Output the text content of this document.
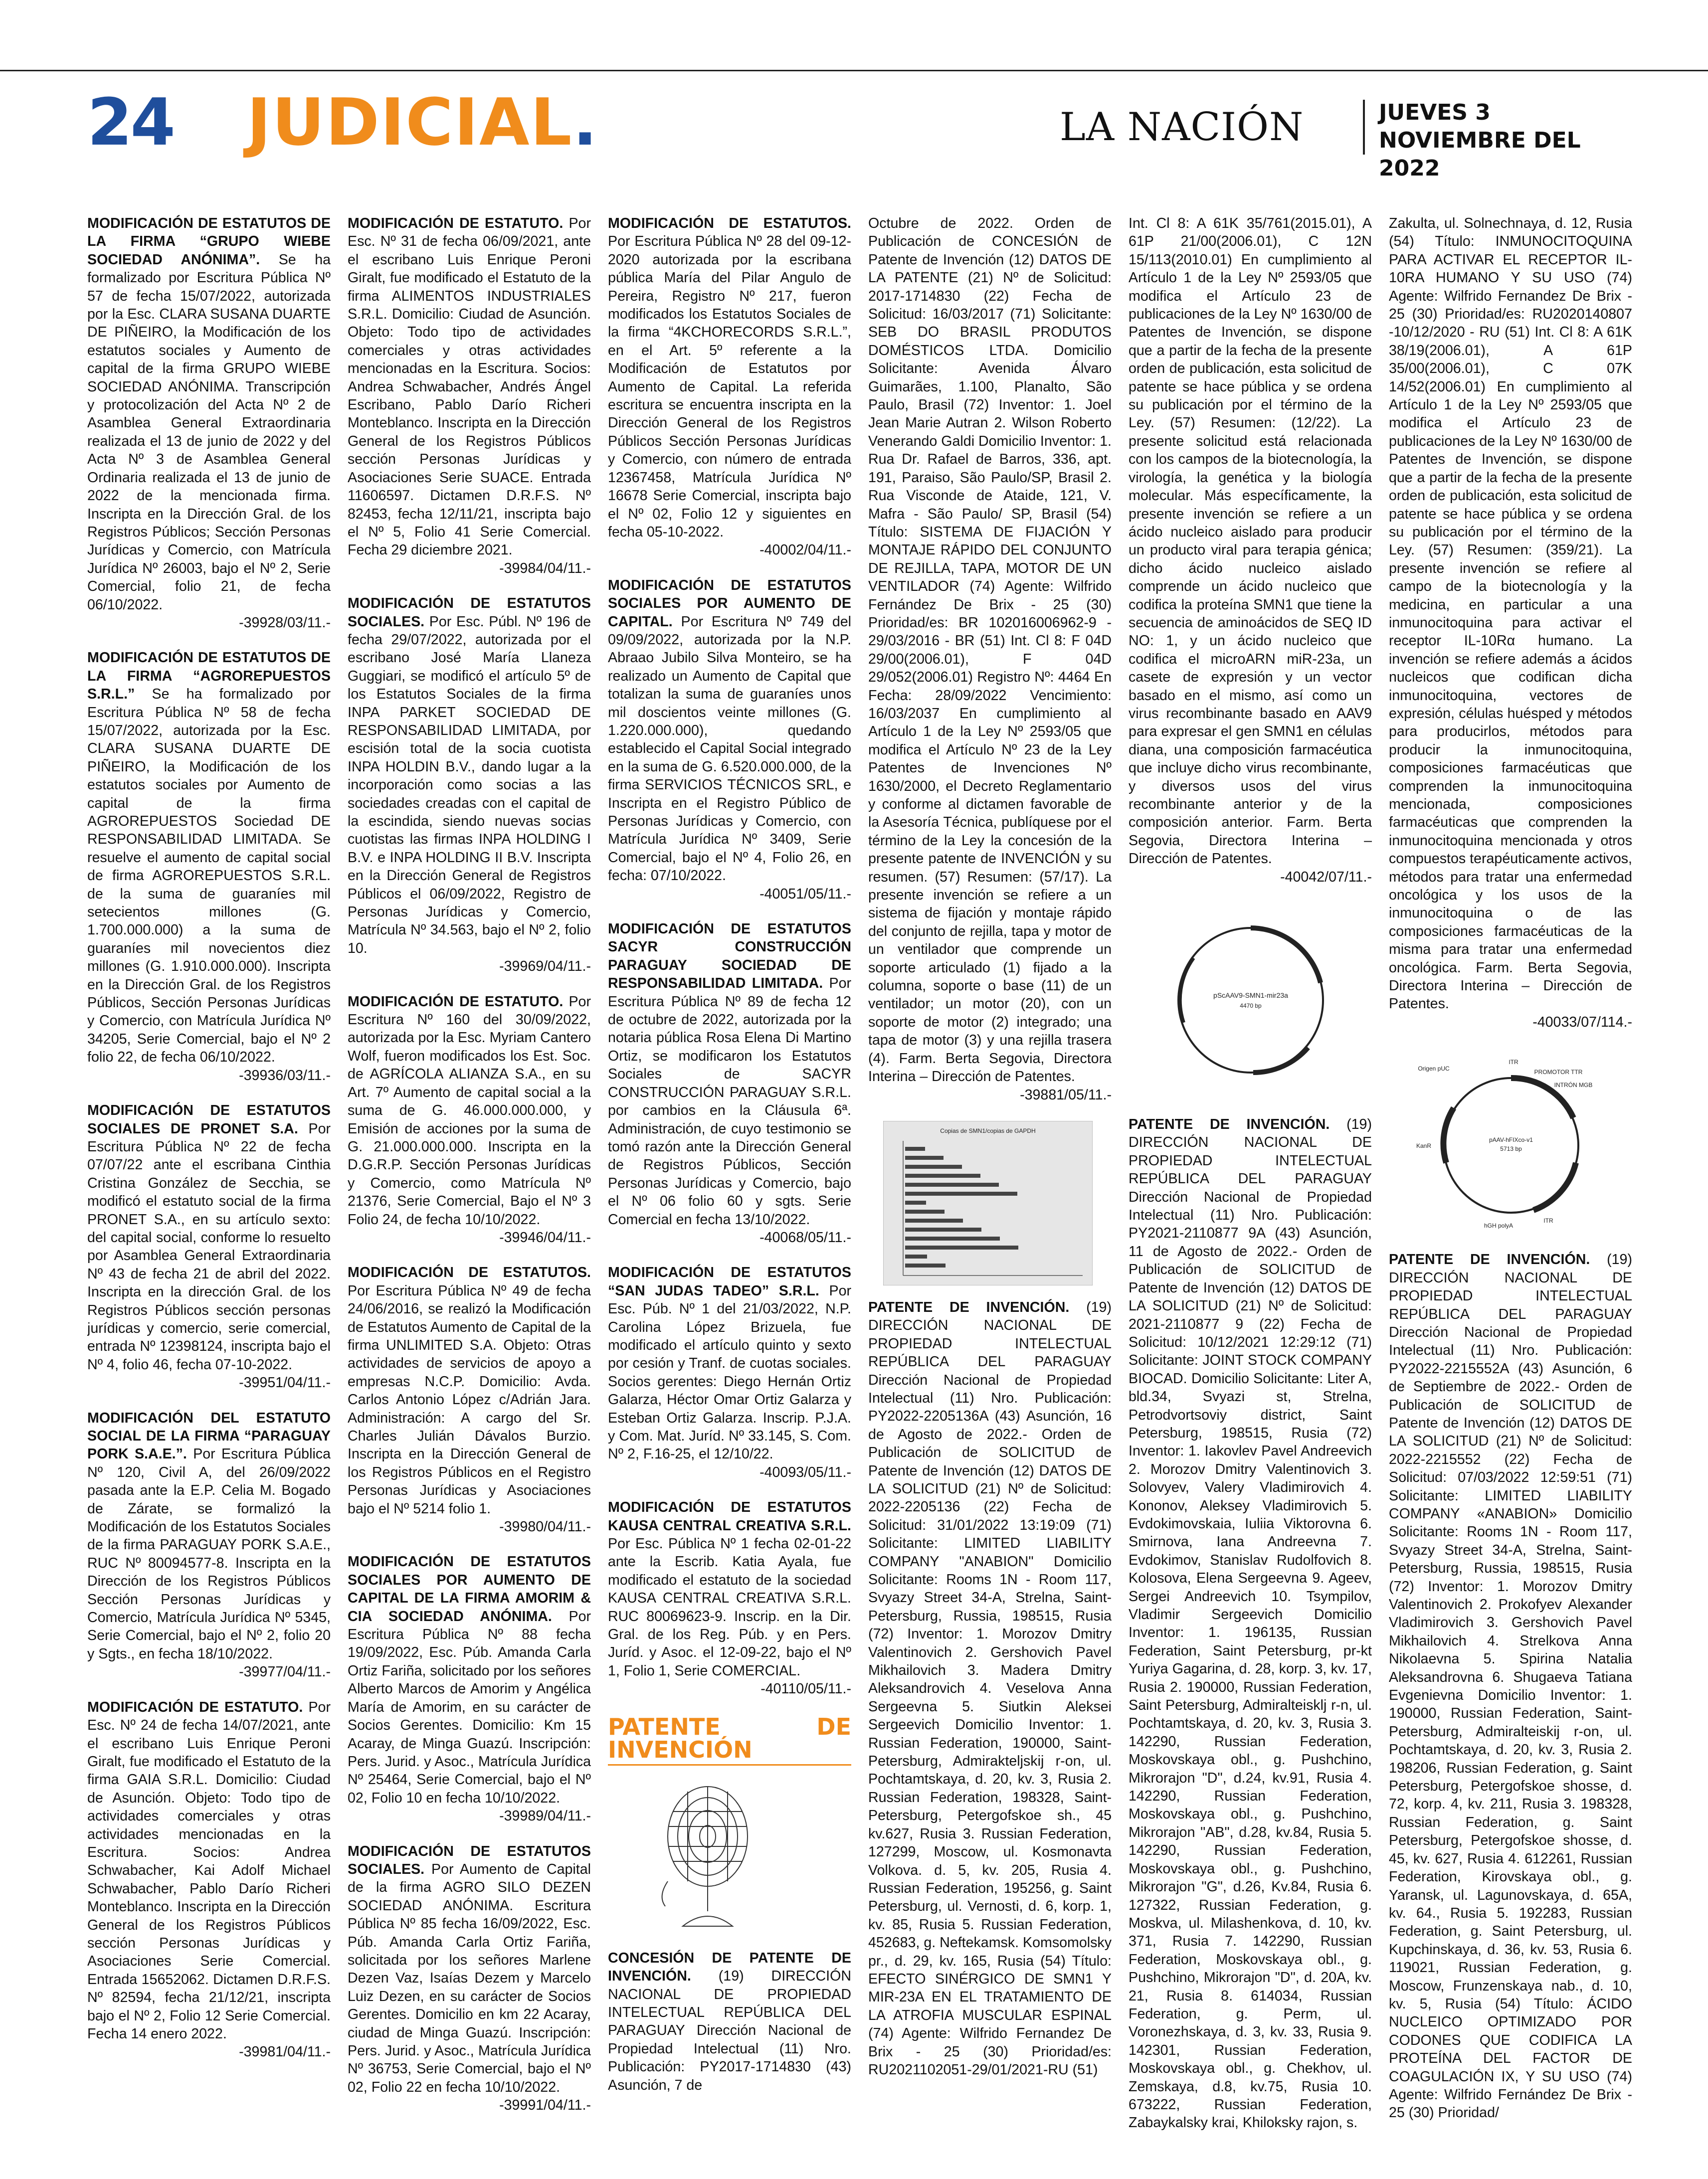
24 JUDICIAL.	LA NACIÓN	JUEVES 3
NOVIEMBRE DEL 2022

MODIFICACIÓN DE ESTATUTOS DE LA FIRMA “GRUPO WIEBE SOCIEDAD ANÓNIMA”. Se ha formalizado por Escritura Pública Nº 57 de fecha 15/07/2022, autorizada por la Esc. CLARA SUSANA DUARTE DE PIÑEIRO, la Modificación de los estatutos sociales y Aumento de capital de la firma GRUPO WIEBE SOCIEDAD ANÓNIMA. Transcripción y protocolización del Acta Nº 2 de Asamblea General Extraordinaria realizada el 13 de junio de 2022 y del Acta Nº 3 de Asamblea General Ordinaria realizada el 13 de junio de 2022 de la mencionada firma. Inscripta en la Dirección Gral. de los Registros Públicos; Sección Personas Jurídicas y Comercio, con Matrícula Jurídica Nº 26003, bajo el Nº 2, Serie Comercial, folio 21, de fecha 06/10/2022.
-39928/03/11.-

MODIFICACIÓN DE ESTATUTOS DE LA FIRMA “AGROREPUESTOS S.R.L.” Se ha formalizado por Escritura Pública Nº 58 de fecha 15/07/2022, autorizada por la Esc. CLARA SUSANA DUARTE DE PIÑEIRO, la Modificación de los estatutos sociales por Aumento de capital de la firma AGROREPUESTOS Sociedad DE RESPONSABILIDAD LIMITADA. Se resuelve el aumento de capital social de firma AGROREPUESTOS S.R.L. de la suma de guaraníes mil setecientos millones (G. 1.700.000.000) a la suma de guaraníes mil novecientos diez millones (G. 1.910.000.000). Inscripta en la Dirección Gral. de los Registros Públicos, Sección Personas Jurídicas y Comercio, con Matrícula Jurídica Nº 34205, Serie Comercial, bajo el Nº 2 folio 22, de fecha 06/10/2022.
-39936/03/11.-

MODIFICACIÓN DE ESTATUTOS SOCIALES DE PRONET S.A. Por Escritura Pública Nº 22 de fecha 07/07/22 ante el escribana Cinthia Cristina González de Secchia, se modificó el estatuto social de la firma PRONET S.A., en su artículo sexto: del capital social, conforme lo resuelto por Asamblea General Extraordinaria Nº 43 de fecha 21 de abril del 2022. Inscripta en la dirección Gral. de los Registros Públicos sección personas jurídicas y comercio, serie comercial, entrada Nº 12398124, inscripta bajo el Nº 4, folio 46, fecha 07-10-2022.
-39951/04/11.-

MODIFICACIÓN DEL ESTATUTO SOCIAL DE LA FIRMA “PARAGUAY PORK S.A.E.”. Por Escritura Pública Nº 120, Civil A, del 26/09/2022 pasada ante la E.P. Celia M. Bogado de Zárate, se formalizó la Modificación de los Estatutos Sociales de la firma PARAGUAY PORK S.A.E., RUC Nº 80094577-8. Inscripta en la Dirección de los Registros Públicos Sección Personas Jurídicas y Comercio, Matrícula Jurídica Nº 5345, Serie Comercial, bajo el Nº 2, folio 20 y Sgts., en fecha 18/10/2022.
-39977/04/11.-

MODIFICACIÓN DE ESTATUTO. Por Esc. Nº 24 de fecha 14/07/2021, ante el escribano Luis Enrique Peroni Giralt, fue modificado el Estatuto de la firma GAIA S.R.L. Domicilio: Ciudad de Asunción. Objeto: Todo tipo de actividades comerciales y otras actividades mencionadas en la Escritura. Socios: Andrea Schwabacher, Kai Adolf Michael Schwabacher, Pablo Darío Richeri Monteblanco. Inscripta en la Dirección General de los Registros Públicos sección Personas Jurídicas y Asociaciones Serie Comercial. Entrada 15652062. Dictamen D.R.F.S. Nº 82594, fecha 21/12/21, inscripta bajo el Nº 2, Folio 12 Serie Comercial. Fecha 14 enero 2022.
-39981/04/11.-

MODIFICACIÓN DE ESTATUTO. Por Esc. Nº 31 de fecha 06/09/2021, ante el escribano Luis Enrique Peroni Giralt, fue modificado el Estatuto de la firma ALIMENTOS INDUSTRIALES S.R.L. Domicilio: Ciudad de Asunción. Objeto: Todo tipo de actividades comerciales y otras actividades mencionadas en la Escritura. Socios: Andrea Schwabacher, Andrés Ángel Escribano, Pablo Darío Richeri Monteblanco. Inscripta en la Dirección General de los Registros Públicos sección Personas Jurídicas y Asociaciones Serie SUACE. Entrada 11606597. Dictamen D.R.F.S. Nº 82453, fecha 12/11/21, inscripta bajo el Nº 5, Folio 41 Serie Comercial. Fecha 29 diciembre 2021.
-39984/04/11.-

MODIFICACIÓN DE ESTATUTOS SOCIALES. Por Esc. Públ. Nº 196 de fecha 29/07/2022, autorizada por el escribano José María Llaneza Guggiari, se modificó el artículo 5º de los Estatutos Sociales de la firma INPA PARKET SOCIEDAD DE RESPONSABILIDAD LIMITADA, por escisión total de la socia cuotista INPA HOLDIN B.V., dando lugar a la incorporación como socias a las sociedades creadas con el capital de la escindida, siendo nuevas socias cuotistas las firmas INPA HOLDING I B.V. e INPA HOLDING II B.V. Inscripta en la Dirección General de Registros Públicos el 06/09/2022, Registro de Personas Jurídicas y Comercio, Matrícula Nº 34.563, bajo el Nº 2, folio 10.
-39969/04/11.-

MODIFICACIÓN DE ESTATUTO. Por Escritura Nº 160 del 30/09/2022, autorizada por la Esc. Myriam Cantero Wolf, fueron modificados los Est. Soc. de AGRÍCOLA ALIANZA S.A., en su Art. 7º Aumento de capital social a la suma de G. 46.000.000.000, y Emisión de acciones por la suma de G. 21.000.000.000. Inscripta en la D.G.R.P. Sección Personas Jurídicas y Comercio, como Matrícula Nº 21376, Serie Comercial, Bajo el Nº 3 Folio 24, de fecha 10/10/2022.
-39946/04/11.-

MODIFICACIÓN DE ESTATUTOS. Por Escritura Pública Nº 49 de fecha 24/06/2016, se realizó la Modificación de Estatutos Aumento de Capital de la firma UNLIMITED S.A. Objeto: Otras actividades de servicios de apoyo a empresas N.C.P. Domicilio: Avda. Carlos Antonio López c/Adrián Jara. Administración: A cargo del Sr. Charles Julián Dávalos Burzio. Inscripta en la Dirección General de los Registros Públicos en el Registro Personas Jurídicas y Asociaciones bajo el Nº 5214 folio 1.
-39980/04/11.-

MODIFICACIÓN DE ESTATUTOS SOCIALES POR AUMENTO DE CAPITAL DE LA FIRMA AMORIM & CIA SOCIEDAD ANÓNIMA. Por Escritura Pública Nº 88 fecha 19/09/2022, Esc. Púb. Amanda Carla Ortiz Fariña, solicitado por los señores Alberto Marcos de Amorim y Angélica María de Amorim, en su carácter de Socios Gerentes. Domicilio: Km 15 Acaray, de Minga Guazú. Inscripción: Pers. Jurid. y Asoc., Matrícula Jurídica Nº 25464, Serie Comercial, bajo el Nº 02, Folio 10 en fecha 10/10/2022.
-39989/04/11.-

MODIFICACIÓN DE ESTATUTOS SOCIALES. Por Aumento de Capital de la firma AGRO SILO DEZEN SOCIEDAD ANÓNIMA. Escritura Pública Nº 85 fecha 16/09/2022, Esc. Púb. Amanda Carla Ortiz Fariña, solicitada por los señores Marlene Dezen Vaz, Isaías Dezem y Marcelo Luiz Dezen, en su carácter de Socios Gerentes. Domicilio en km 22 Acaray, ciudad de Minga Guazú. Inscripción: Pers. Jurid. y Asoc., Matrícula Jurídica Nº 36753, Serie Comercial, bajo el Nº 02, Folio 22 en fecha 10/10/2022.
-39991/04/11.-

MODIFICACIÓN DE ESTATUTOS. Por Escritura Pública Nº 28 del 09-12-2020 autorizada por la escribana pública María del Pilar Angulo de Pereira, Registro Nº 217, fueron modificados los Estatutos Sociales de la firma “4KCHORECORDS S.R.L.”, en el Art. 5º referente a la Modificación de Estatutos por Aumento de Capital. La referida escritura se encuentra inscripta en la Dirección General de los Registros Públicos Sección Personas Jurídicas y Comercio, con número de entrada 12367458, Matrícula Jurídica Nº 16678 Serie Comercial, inscripta bajo el Nº 02, Folio 12 y siguientes en fecha 05-10-2022.
-40002/04/11.-

MODIFICACIÓN DE ESTATUTOS SOCIALES POR AUMENTO DE CAPITAL. Por Escritura Nº 749 del 09/09/2022, autorizada por la N.P. Abraao Jubilo Silva Monteiro, se ha realizado un Aumento de Capital que totalizan la suma de guaraníes unos mil doscientos veinte millones (G. 1.220.000.000), quedando establecido el Capital Social integrado en la suma de G. 6.520.000.000, de la firma SERVICIOS TÉCNICOS SRL, e Inscripta en el Registro Público de Personas Jurídicas y Comercio, con Matrícula Jurídica Nº 3409, Serie Comercial, bajo el Nº 4, Folio 26, en fecha: 07/10/2022.
-40051/05/11.-

MODIFICACIÓN DE ESTATUTOS SACYR CONSTRUCCIÓN PARAGUAY SOCIEDAD DE RESPONSABILIDAD LIMITADA. Por Escritura Pública Nº 89 de fecha 12 de octubre de 2022, autorizada por la notaria pública Rosa Elena Di Martino Ortiz, se modificaron los Estatutos Sociales de SACYR CONSTRUCCIÓN PARAGUAY S.R.L. por cambios en la Cláusula 6ª. Administración, de cuyo testimonio se tomó razón ante la Dirección General de Registros Públicos, Sección Personas Jurídicas y Comercio, bajo el Nº 06 folio 60 y sgts. Serie Comercial en fecha 13/10/2022.
-40068/05/11.-

MODIFICACIÓN DE ESTATUTOS “SAN JUDAS TADEO” S.R.L. Por Esc. Púb. Nº 1 del 21/03/2022, N.P. Carolina López Brizuela, fue modificado el artículo quinto y sexto por cesión y Tranf. de cuotas sociales. Socios gerentes: Diego Hernán Ortiz Galarza, Héctor Omar Ortiz Galarza y Esteban Ortiz Galarza. Inscrip. P.J.A. y Com. Mat. Juríd. Nº 33.145, S. Com. Nº 2, F.16-25, el 12/10/22.
-40093/05/11.-

MODIFICACIÓN DE ESTATUTOS KAUSA CENTRAL CREATIVA S.R.L. Por Esc. Pública Nº 1 fecha 02-01-22 ante la Escrib. Katia Ayala, fue modificado el estatuto de la sociedad KAUSA CENTRAL CREATIVA S.R.L. RUC 80069623-9. Inscrip. en la Dir. Gral. de los Reg. Púb. y en Pers. Juríd. y Asoc. el 12-09-22, bajo el Nº 1, Folio 1, Serie COMERCIAL.
-40110/05/11.-

PATENTE DE INVENCIÓN

CONCESIÓN DE PATENTE DE INVENCIÓN. (19) DIRECCIÓN NACIONAL DE PROPIEDAD INTELECTUAL REPÚBLICA DEL PARAGUAY Dirección Nacional de Propiedad Intelectual (11) Nro. Publicación: PY2017-1714830 (43) Asunción, 7 de

Octubre de 2022. Orden de Publicación de CONCESIÓN de Patente de Invención (12) DATOS DE LA PATENTE (21) Nº de Solicitud: 2017-1714830 (22) Fecha de Solicitud: 16/03/2017 (71) Solicitante: SEB DO BRASIL PRODUTOS DOMÉSTICOS LTDA. Domicilio Solicitante: Avenida Álvaro Guimarães, 1.100, Planalto, São Paulo, Brasil (72) Inventor: 1. Joel Jean Marie Autran 2. Wilson Roberto Venerando Galdi Domicilio Inventor: 1. Rua Dr. Rafael de Barros, 336, apt. 191, Paraiso, São Paulo/SP, Brasil 2. Rua Visconde de Ataide, 121, V. Mafra - São Paulo/ SP, Brasil (54) Título: SISTEMA DE FIJACIÓN Y MONTAJE RÁPIDO DEL CONJUNTO DE REJILLA, TAPA, MOTOR DE UN VENTILADOR (74) Agente: Wilfrido Fernández De Brix - 25 (30) Prioridad/es: BR 102016006962-9 - 29/03/2016 - BR (51) Int. Cl 8: F 04D 29/00(2006.01), F 04D 29/052(2006.01) Registro Nº: 4464 En Fecha: 28/09/2022 Vencimiento: 16/03/2037 En cumplimiento al Artículo 1 de la Ley Nº 2593/05 que modifica el Artículo Nº 23 de la Ley Patentes de Invenciones Nº 1630/2000, el Decreto Reglamentario y conforme al dictamen favorable de la Asesoría Técnica, publíquese por el término de la Ley la concesión de la presente patente de INVENCIÓN y su resumen. (57) Resumen: (57/17). La presente invención se refiere a un sistema de fijación y montaje rápido del conjunto de rejilla, tapa y motor de un ventilador que comprende un soporte articulado (1) fijado a la columna, soporte o base (11) de un ventilador; un motor (20), con un soporte de motor (2) integrado; una tapa de motor (3) y una rejilla trasera (4). Farm. Berta Segovia, Directora Interina – Dirección de Patentes.
-39881/05/11.-

Copias de SMN1/copias de GAPDH

PATENTE DE INVENCIÓN. (19) DIRECCIÓN NACIONAL DE PROPIEDAD INTELECTUAL REPÚBLICA DEL PARAGUAY Dirección Nacional de Propiedad Intelectual (11) Nro. Publicación: PY2022-2205136A (43) Asunción, 16 de Agosto de 2022.- Orden de Publicación de SOLICITUD de Patente de Invención (12) DATOS DE LA SOLICITUD (21) Nº de Solicitud: 2022-2205136 (22) Fecha de Solicitud: 31/01/2022 13:19:09 (71) Solicitante: LIMITED LIABILITY COMPANY "ANABION" Domicilio Solicitante: Rooms 1N - Room 117, Svyazy Street 34-A, Strelna, Saint-Petersburg, Russia, 198515, Rusia (72) Inventor: 1. Morozov Dmitry Valentinovich 2. Gershovich Pavel Mikhailovich 3. Madera Dmitry Aleksandrovich 4. Veselova Anna Sergeevna 5. Siutkin Aleksei Sergeevich Domicilio Inventor: 1. Russian Federation, 190000, Saint-Petersburg, Admirakteljskij r-on, ul. Pochtamtskaya, d. 20, kv. 3, Rusia 2. Russian Federation, 198328, Saint- Petersburg, Petergofskoe sh., 45 kv.627, Rusia 3. Russian Federation, 127299, Moscow, ul. Kosmonavta Volkova. d. 5, kv. 205, Rusia 4. Russian Federation, 195256, g. Saint Petersburg, ul. Vernosti, d. 6, korp. 1, kv. 85, Rusia 5. Russian Federation, 452683, g. Neftekamsk. Komsomolsky pr., d. 29, kv. 165, Rusia (54) Título: EFECTO SINÉRGICO DE SMN1 Y MIR-23A EN EL TRATAMIENTO DE LA ATROFIA MUSCULAR ESPINAL (74) Agente: Wilfrido Fernandez De Brix - 25 (30) Prioridad/es: RU2021102051-29/01/2021-RU (51)

Int. Cl 8: A 61K 35/761(2015.01), A 61P 21/00(2006.01), C 12N 15/113(2010.01) En cumplimiento al Artículo 1 de la Ley Nº 2593/05 que modifica el Artículo 23 de publicaciones de la Ley Nº 1630/00 de Patentes de Invención, se dispone que a partir de la fecha de la presente orden de publicación, esta solicitud de patente se hace pública y se ordena su publicación por el término de la Ley. (57) Resumen: (12/22). La presente solicitud está relacionada con los campos de la biotecnología, la virología, la genética y la biología molecular. Más específicamente, la presente invención se refiere a un ácido nucleico aislado para producir un producto viral para terapia génica; dicho ácido nucleico aislado comprende un ácido nucleico que codifica la proteína SMN1 que tiene la secuencia de aminoácidos de SEQ ID NO: 1, y un ácido nucleico que codifica el microARN miR-23a, un casete de expresión y un vector basado en el mismo, así como un virus recombinante basado en AAV9 para expresar el gen SMN1 en células diana, una composición farmacéutica que incluye dicho virus recombinante, y diversos usos del virus recombinante anterior y de la composición anterior. Farm. Berta Segovia, Directora Interina – Dirección de Patentes.
-40042/07/11.-

pScAAV9-SMN1-mir23a
4470 bp

PATENTE DE INVENCIÓN. (19) DIRECCIÓN NACIONAL DE PROPIEDAD INTELECTUAL REPÚBLICA DEL PARAGUAY Dirección Nacional de Propiedad Intelectual (11) Nro. Publicación: PY2021-2110877 9A (43) Asunción, 11 de Agosto de 2022.- Orden de Publicación de SOLICITUD de Patente de Invención (12) DATOS DE LA SOLICITUD (21) Nº de Solicitud: 2021-2110877 9 (22) Fecha de Solicitud: 10/12/2021 12:29:12 (71) Solicitante: JOINT STOCK COMPANY BIOCAD. Domicilio Solicitante: Liter A, bld.34, Svyazi st, Strelna, Petrodvortsoviy district, Saint Petersburg, 198515, Rusia (72) Inventor: 1. Iakovlev Pavel Andreevich 2. Morozov Dmitry Valentinovich 3. Solovyev, Valery Vladimirovich 4. Kononov, Aleksey Vladimirovich 5. Evdokimovskaia, Iuliia Viktorovna 6. Smirnova, Iana Andreevna 7. Evdokimov, Stanislav Rudolfovich 8. Kolosova, Elena Sergeevna 9. Ageev, Sergei Andreevich 10. Tsympilov, Vladimir Sergeevich Domicilio Inventor: 1. 196135, Russian Federation, Saint Petersburg, pr-kt Yuriya Gagarina, d. 28, korp. 3, kv. 17, Rusia 2. 190000, Russian Federation, Saint Petersburg, Admiralteisklj r-n, ul. Pochtamtskaya, d. 20, kv. 3, Rusia 3. 142290, Russian Federation, Moskovskaya obl., g. Pushchino, Mikrorajon "D", d.24, kv.91, Rusia 4. 142290, Russian Federation, Moskovskaya obl., g. Pushchino, Mikrorajon "AB", d.28, kv.84, Rusia 5. 142290, Russian Federation, Moskovskaya obl., g. Pushchino, Mikrorajon "G", d.26, Kv.84, Rusia 6. 127322, Russian Federation, g. Moskva, ul. Milashenkova, d. 10, kv. 371, Rusia 7. 142290, Russian Federation, Moskovskaya obl., g. Pushchino, Mikrorajon "D", d. 20A, kv. 21, Rusia 8. 614034, Russian Federation, g. Perm, ul. Voronezhskaya, d. 3, kv. 33, Rusia 9. 142301, Russian Federation, Moskovskaya obl., g. Chekhov, ul. Zemskaya, d.8, kv.75, Rusia 10. 673222, Russian Federation, Zabaykalsky krai, Khiloksky rajon, s.

Zakulta, ul. Solnechnaya, d. 12, Rusia (54) Título: INMUNOCITOQUINA PARA ACTIVAR EL RECEPTOR IL-10RA HUMANO Y SU USO (74) Agente: Wilfrido Fernandez De Brix - 25 (30) Prioridad/es: RU2020140807 -10/12/2020 - RU (51) Int. Cl 8: A 61K 38/19(2006.01), A 61P 35/00(2006.01), C 07K 14/52(2006.01) En cumplimiento al Artículo 1 de la Ley Nº 2593/05 que modifica el Artículo 23 de publicaciones de la Ley Nº 1630/00 de Patentes de Invención, se dispone que a partir de la fecha de la presente orden de publicación, esta solicitud de patente se hace pública y se ordena su publicación por el término de la Ley. (57) Resumen: (359/21). La presente invención se refiere al campo de la biotecnología y la medicina, en particular a una inmunocitoquina para activar el receptor IL-10Rα humano. La invención se refiere además a ácidos nucleicos que codifican dicha inmunocitoquina, vectores de expresión, células huésped y métodos para producirlos, métodos para producir la inmunocitoquina, composiciones farmacéuticas que comprenden la inmunocitoquina mencionada, composiciones farmacéuticas que comprenden la inmunocitoquina mencionada y otros compuestos terapéuticamente activos, métodos para tratar una enfermedad oncológica y los usos de la inmunocitoquina o de las composiciones farmacéuticas de la misma para tratar una enfermedad oncológica. Farm. Berta Segovia, Directora Interina – Dirección de Patentes.
-40033/07/114.-

Origen pUC
ITR
PROMOTOR TTR
INTRÓN MGB
pAAV-hFIXco-v1
5713 bp
ITR
hGH polyA
KanR

PATENTE DE INVENCIÓN. (19) DIRECCIÓN NACIONAL DE PROPIEDAD INTELECTUAL REPÚBLICA DEL PARAGUAY Dirección Nacional de Propiedad Intelectual (11) Nro. Publicación: PY2022-2215552A (43) Asunción, 6 de Septiembre de 2022.- Orden de Publicación de SOLICITUD de Patente de Invención (12) DATOS DE LA SOLICITUD (21) Nº de Solicitud: 2022-2215552 (22) Fecha de Solicitud: 07/03/2022 12:59:51 (71) Solicitante: LIMITED LIABILITY COMPANY «ANABION» Domicilio Solicitante: Rooms 1N - Room 117, Svyazy Street 34-A, Strelna, Saint-Petersburg, Russia, 198515, Rusia (72) Inventor: 1. Morozov Dmitry Valentinovich 2. Prokofyev Alexander Vladimirovich 3. Gershovich Pavel Mikhailovich 4. Strelkova Anna Nikolaevna 5. Spirina Natalia Aleksandrovna 6. Shugaeva Tatiana Evgenievna Domicilio Inventor: 1. 190000, Russian Federation, Saint-Petersburg, Admiralteiskij r-on, ul. Pochtamtskaya, d. 20, kv. 3, Rusia 2. 198206, Russian Federation, g. Saint Petersburg, Petergofskoe shosse, d. 72, korp. 4, kv. 211, Rusia 3. 198328, Russian Federation, g. Saint Petersburg, Petergofskoe shosse, d. 45, kv. 627, Rusia 4. 612261, Russian Federation, Kirovskaya obl., g. Yaransk, ul. Lagunovskaya, d. 65A, kv. 64., Rusia 5. 192283, Russian Federation, g. Saint Petersburg, ul. Kupchinskaya, d. 36, kv. 53, Rusia 6. 119021, Russian Federation, g. Moscow, Frunzenskaya nab., d. 10, kv. 5, Rusia (54) Título: ÁCIDO NUCLEICO OPTIMIZADO POR CODONES QUE CODIFICA LA PROTEÍNA DEL FACTOR DE COAGULACIÓN IX, Y SU USO (74) Agente: Wilfrido Fernández De Brix - 25 (30) Prioridad/
